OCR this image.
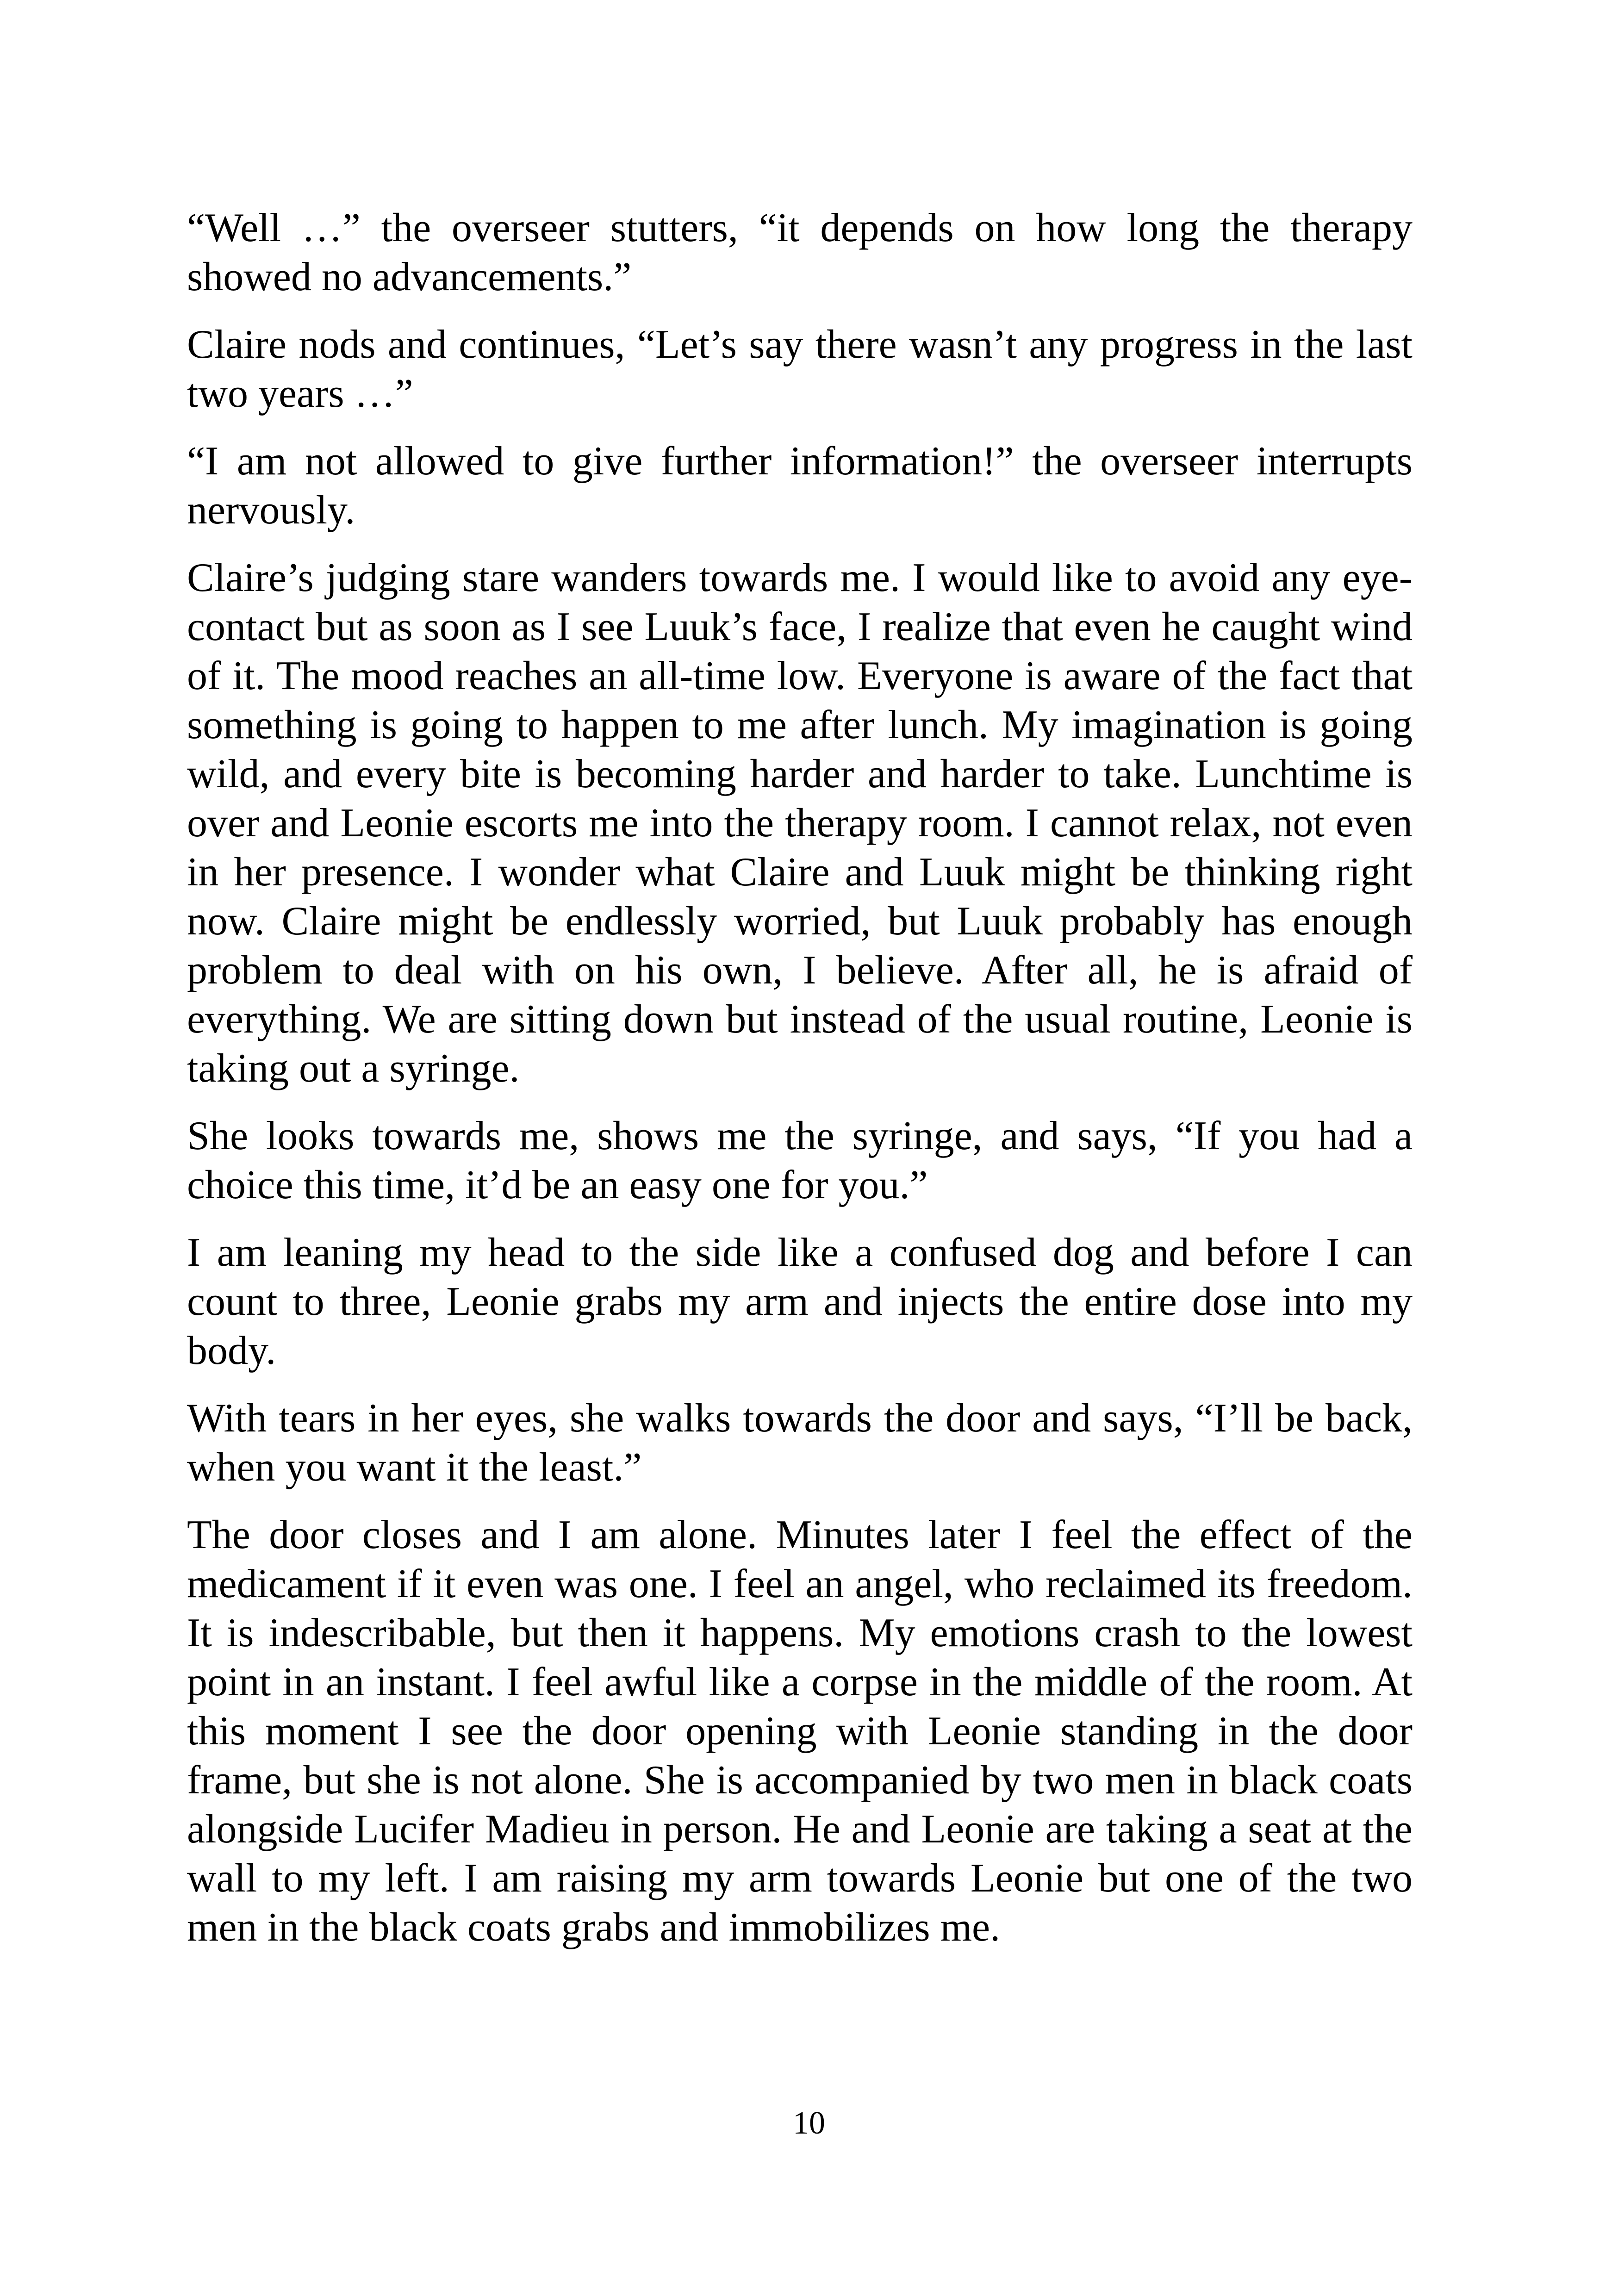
“Well …” the overseer stutters, “it depends on how long the therapy showed no advancements.”

Claire nods and continues, “Let’s say there wasn’t any progress in the last two years …”

“I am not allowed to give further information!” the overseer interrupts nervously.

Claire’s judging stare wanders towards me. I would like to avoid any eye-contact but as soon as I see Luuk’s face, I realize that even he caught wind of it. The mood reaches an all-time low. Everyone is aware of the fact that something is going to happen to me after lunch. My imagination is going wild, and every bite is becoming harder and harder to take. Lunchtime is over and Leonie escorts me into the therapy room. I cannot relax, not even in her presence. I wonder what Claire and Luuk might be thinking right now. Claire might be endlessly worried, but Luuk probably has enough problem to deal with on his own, I believe. After all, he is afraid of everything. We are sitting down but instead of the usual routine, Leonie is taking out a syringe.

She looks towards me, shows me the syringe, and says, “If you had a choice this time, it’d be an easy one for you.”

I am leaning my head to the side like a confused dog and before I can count to three, Leonie grabs my arm and injects the entire dose into my body.

With tears in her eyes, she walks towards the door and says, “I’ll be back, when you want it the least.”

The door closes and I am alone. Minutes later I feel the effect of the medicament if it even was one. I feel an angel, who reclaimed its freedom. It is indescribable, but then it happens. My emotions crash to the lowest point in an instant. I feel awful like a corpse in the middle of the room. At this moment I see the door opening with Leonie standing in the door frame, but she is not alone. She is accompanied by two men in black coats alongside Lucifer Madieu in person. He and Leonie are taking a seat at the wall to my left. I am raising my arm towards Leonie but one of the two men in the black coats grabs and immobilizes me.

10
